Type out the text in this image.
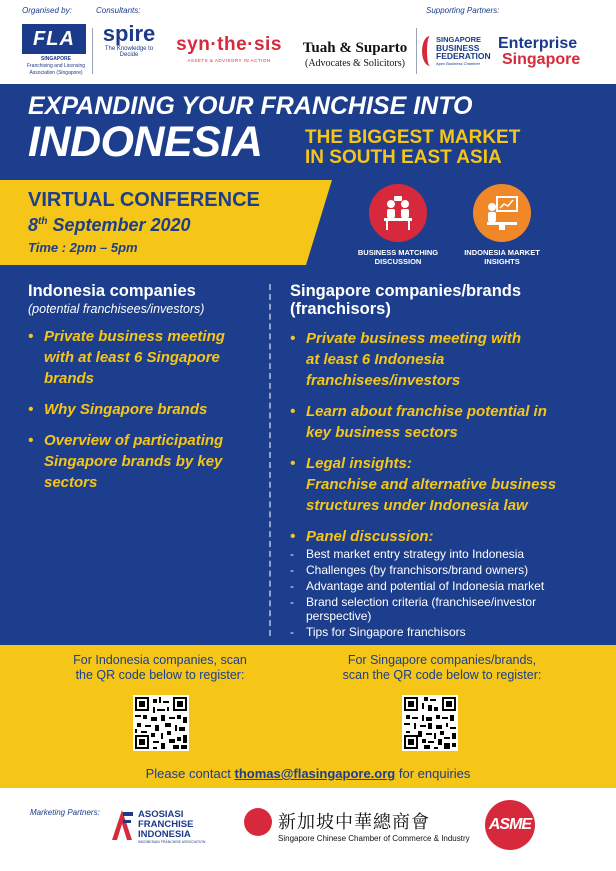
Organised by:	Consultants:	Supporting Partners:
FLA
SINGAPORE
Franchising and Licensing
Association (Singapore)
spire
The Knowledge to Decide	syn·the·sis
ASSETS & ADVISORY IN ACTION
Tuah & Suparto
(Advocates & Solicitors)
SINGAPORE
BUSINESS
FEDERATION
Apex Business Chamber
Enterprise
Singapore
EXPANDING YOUR FRANCHISE INTO
INDONESIA THE BIGGEST MARKET
IN SOUTH EAST ASIA
VIRTUAL CONFERENCE
8th September 2020
Time : 2pm – 5pm	BUSINESS MATCHING
DISCUSSION
INDONESIA MARKET
INSIGHTS
Indonesia companies
(potential franchisees/investors)
• Private business meeting with at least 6 Singapore brands
• Why Singapore brands
• Overview of participating Singapore brands by key sectors
Singapore companies/brands
(franchisors)
• Private business meeting with at least 6 Indonesia franchisees/investors
• Learn about franchise potential in key business sectors
• Legal insights:
Franchise and alternative business structures under Indonesia law
• Panel discussion:
- Best market entry strategy into Indonesia
- Challenges (by franchisors/brand owners)
- Advantage and potential of Indonesia market
- Brand selection criteria (franchisee/investor perspective)
- Tips for Singapore franchisors
For Indonesia companies, scan
the QR code below to register:
For Singapore companies/brands,
scan the QR code below to register:
Please contact thomas@flasingapore.org for enquiries
Marketing Partners:	ASOSIASI
FRANCHISE
INDONESIA
INDONESIAN FRANCHISE ASSOCIATION
新加坡中華總商會
Singapore Chinese Chamber of Commerce & Industry
ASME
